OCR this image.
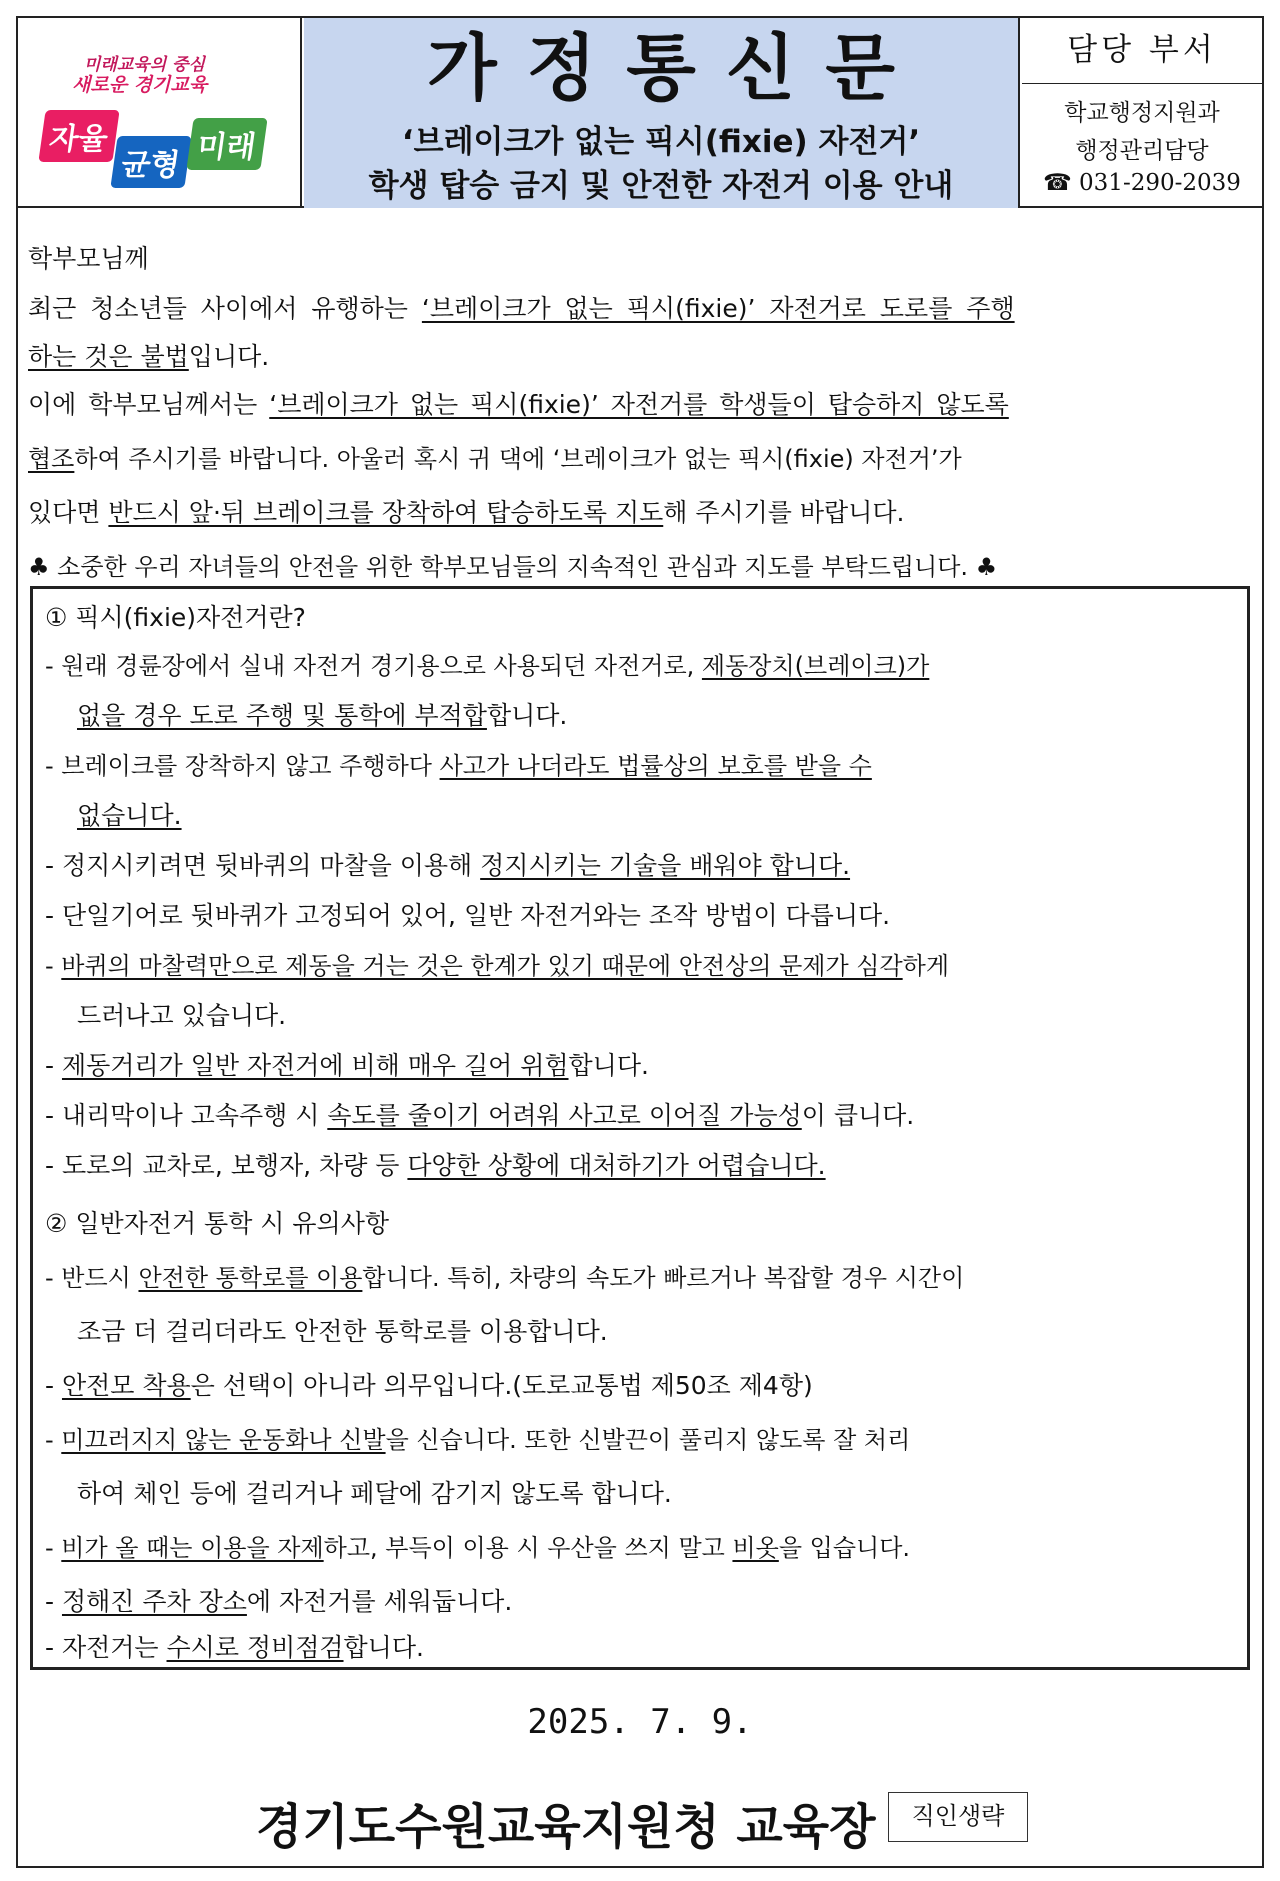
미래교육의 중심
새로운 경기교육
자율
균형
미래
가정통신문
‘브레이크가 없는 픽시(fixie) 자전거’
학생 탑승 금지 및 안전한 자전거 이용 안내
담당 부서
학교행정지원과
행정관리담당
☎ 031-290-2039
학부모님께
최근 청소년들 사이에서 유행하는 ‘브레이크가 없는 픽시(fixie)’ 자전거로 도로를 주행
하는 것은 불법입니다.
이에 학부모님께서는 ‘브레이크가 없는 픽시(fixie)’ 자전거를 학생들이 탑승하지 않도록
협조하여 주시기를 바랍니다. 아울러 혹시 귀 댁에 ‘브레이크가 없는 픽시(fixie) 자전거’가
있다면 반드시 앞·뒤 브레이크를 장착하여 탑승하도록 지도해 주시기를 바랍니다.
♣ 소중한 우리 자녀들의 안전을 위한 학부모님들의 지속적인 관심과 지도를 부탁드립니다. ♣
① 픽시(fixie)자전거란?
- 원래 경륜장에서 실내 자전거 경기용으로 사용되던 자전거로, 제동장치(브레이크)가
없을 경우 도로 주행 및 통학에 부적합합니다.
- 브레이크를 장착하지 않고 주행하다 사고가 나더라도 법률상의 보호를 받을 수
없습니다.
- 정지시키려면 뒷바퀴의 마찰을 이용해 정지시키는 기술을 배워야 합니다.
- 단일기어로 뒷바퀴가 고정되어 있어, 일반 자전거와는 조작 방법이 다릅니다.
- 바퀴의 마찰력만으로 제동을 거는 것은 한계가 있기 때문에 안전상의 문제가 심각하게
드러나고 있습니다.
- 제동거리가 일반 자전거에 비해 매우 길어 위험합니다.
- 내리막이나 고속주행 시 속도를 줄이기 어려워 사고로 이어질 가능성이 큽니다.
- 도로의 교차로, 보행자, 차량 등 다양한 상황에 대처하기가 어렵습니다.
② 일반자전거 통학 시 유의사항
- 반드시 안전한 통학로를 이용합니다. 특히, 차량의 속도가 빠르거나 복잡할 경우 시간이
조금 더 걸리더라도 안전한 통학로를 이용합니다.
- 안전모 착용은 선택이 아니라 의무입니다.(도로교통법 제50조 제4항)
- 미끄러지지 않는 운동화나 신발을 신습니다. 또한 신발끈이 풀리지 않도록 잘 처리
하여 체인 등에 걸리거나 페달에 감기지 않도록 합니다.
- 비가 올 때는 이용을 자제하고, 부득이 이용 시 우산을 쓰지 말고 비옷을 입습니다.
- 정해진 주차 장소에 자전거를 세워둡니다.
- 자전거는 수시로 정비점검합니다.
2025. 7. 9.
경기도수원교육지원청 교육장	직인생략
